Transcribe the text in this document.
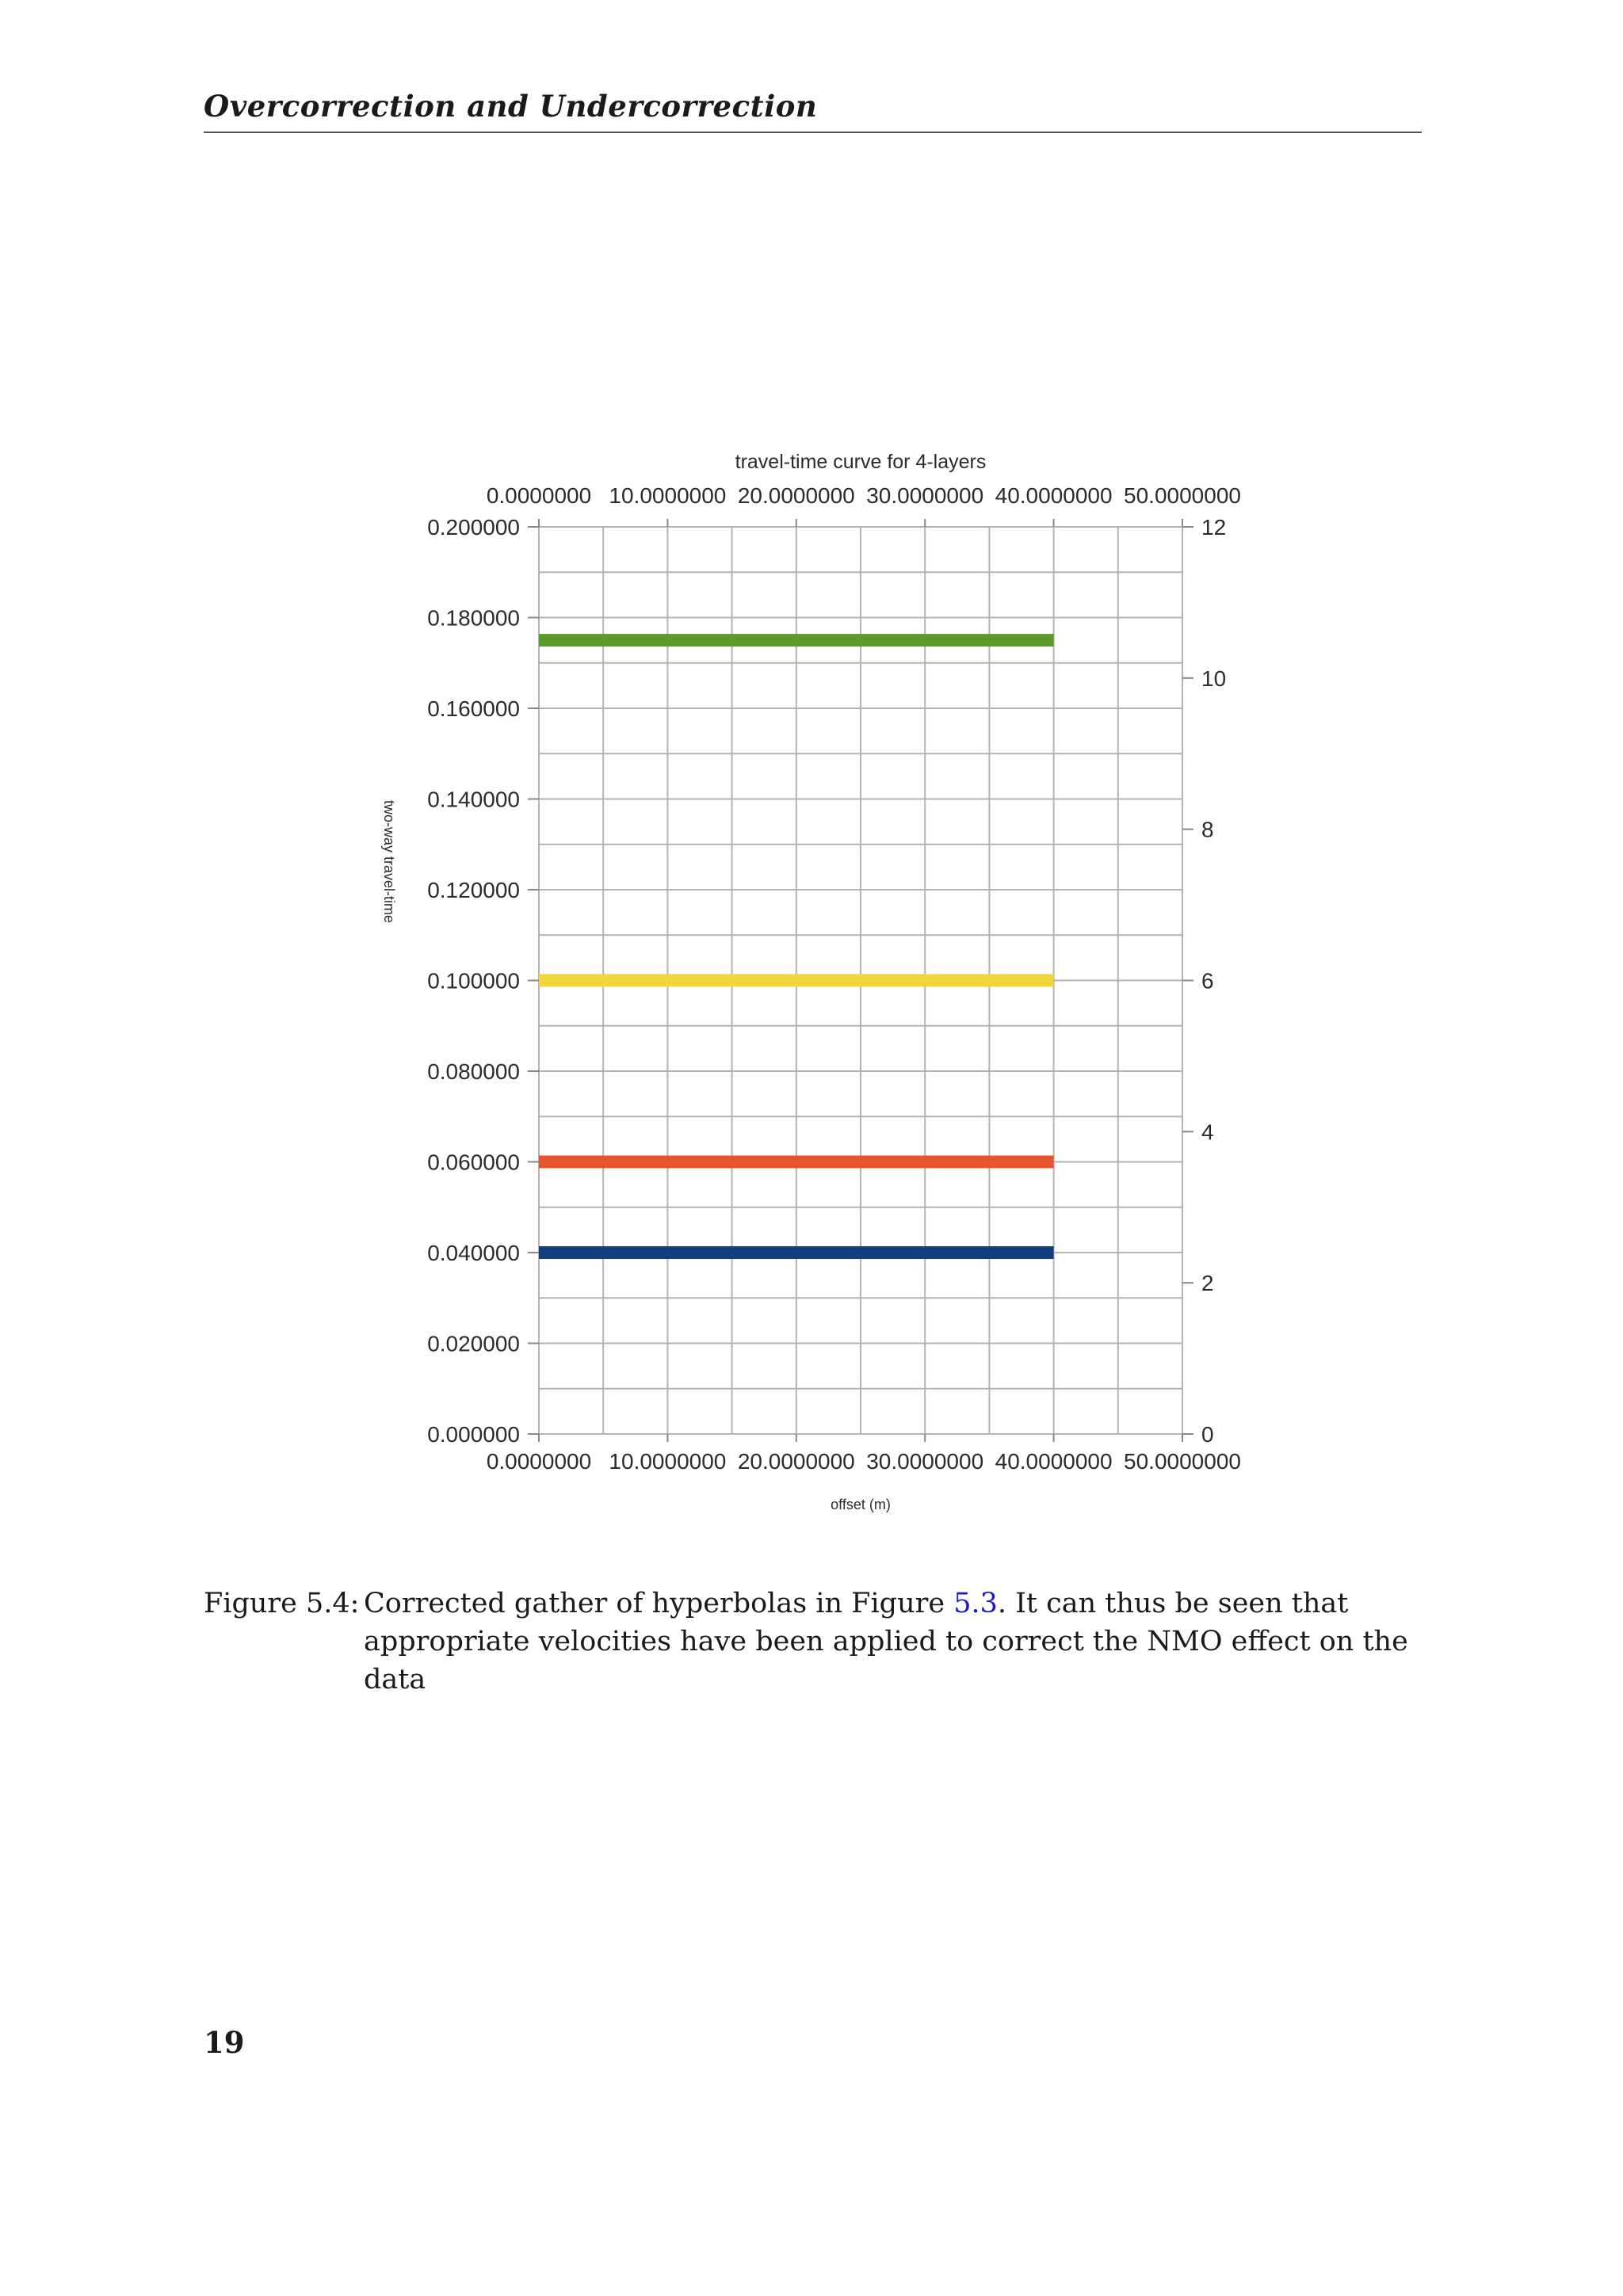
Overcorrection and Undercorrection
0.000000
0.020000
0.040000
0.060000
0.080000
0.100000
0.120000
0.140000
0.160000
0.180000
0.200000
0
2
4
6
8
10
12
0.0000000
0.0000000
10.0000000
10.0000000
20.0000000
20.0000000
30.0000000
30.0000000
40.0000000
40.0000000
50.0000000
50.0000000
travel-time curve for 4-layers
offset (m)
two-way travel-time
Figure 5.4: Corrected gather of hyperbolas in Figure 5.3. It can thus be seen that appropriate velocities have been applied to correct the NMO effect on the data
19
